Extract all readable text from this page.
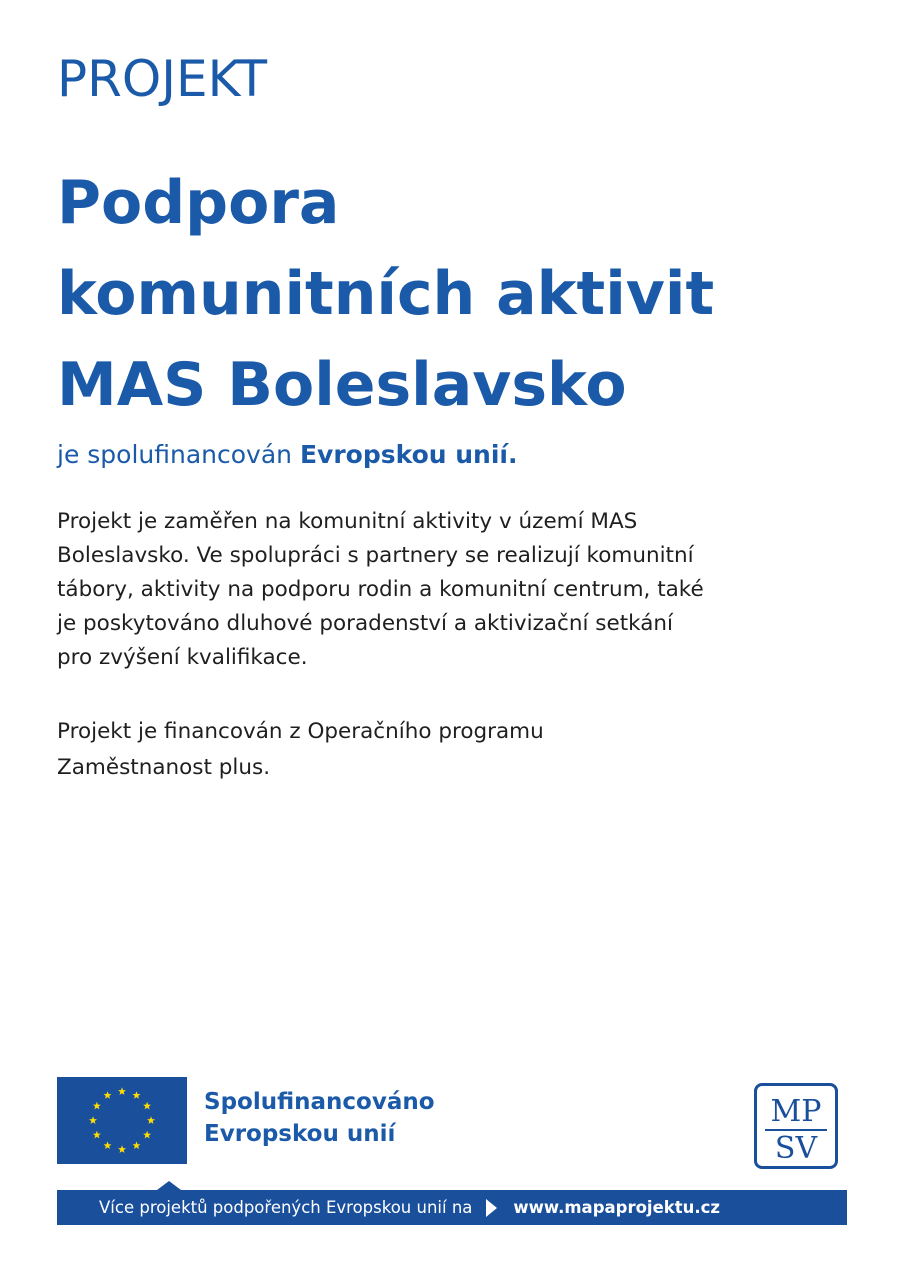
PROJEKT
Podpora
komunitních aktivit
MAS Boleslavsko
je spolufinancován Evropskou unií.

Projekt je zaměřen na komunitní aktivity v území MAS
Boleslavsko. Ve spolupráci s partnery se realizují komunitní
tábory, aktivity na podporu rodin a komunitní centrum, také
je poskytováno dluhové poradenství a aktivizační setkání
pro zvýšení kvalifikace.

Projekt je financován z Operačního programu
Zaměstnanost plus.

Spolufinancováno
Evropskou unií
MP
SV
Více projektů podpořených Evropskou unií na www.mapaprojektu.cz
